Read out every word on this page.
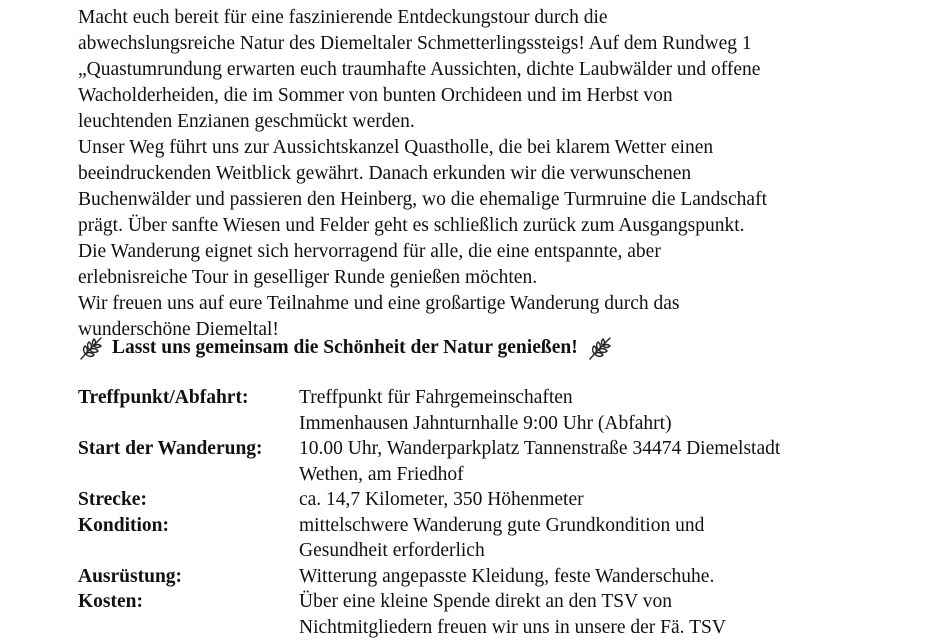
Macht euch bereit für eine faszinierende Entdeckungstour durch die
abwechslungsreiche Natur des Diemeltaler Schmetterlingssteigs! Auf dem Rundweg 1
„Quastumrundung erwarten euch traumhafte Aussichten, dichte Laubwälder und offene
Wacholderheiden, die im Sommer von bunten Orchideen und im Herbst von
leuchtenden Enzianen geschmückt werden.
Unser Weg führt uns zur Aussichtskanzel Quastholle, die bei klarem Wetter einen
beeindruckenden Weitblick gewährt. Danach erkunden wir die verwunschenen
Buchenwälder und passieren den Heinberg, wo die ehemalige Turmruine die Landschaft
prägt. Über sanfte Wiesen und Felder geht es schließlich zurück zum Ausgangspunkt.
Die Wanderung eignet sich hervorragend für alle, die eine entspannte, aber
erlebnisreiche Tour in geselliger Runde genießen möchten.
Wir freuen uns auf eure Teilnahme und eine großartige Wanderung durch das
wunderschöne Diemeltal!
Lasst uns gemeinsam die Schönheit der Natur genießen!
Treffpunkt/Abfahrt:	Treffpunkt für Fahrgemeinschaften
Immenhausen Jahnturnhalle 9:00 Uhr (Abfahrt)
Start der Wanderung:	10.00 Uhr, Wanderparkplatz Tannenstraße 34474 Diemelstadt
Wethen, am Friedhof
Strecke:	ca. 14,7 Kilometer, 350 Höhenmeter
Kondition:	mittelschwere Wanderung gute Grundkondition und
Gesundheit erforderlich
Ausrüstung:	Witterung angepasste Kleidung, feste Wanderschuhe.
Kosten:	Über eine kleine Spende direkt an den TSV von
Nichtmitgliedern freuen wir uns in unsere der Fä. TSV
